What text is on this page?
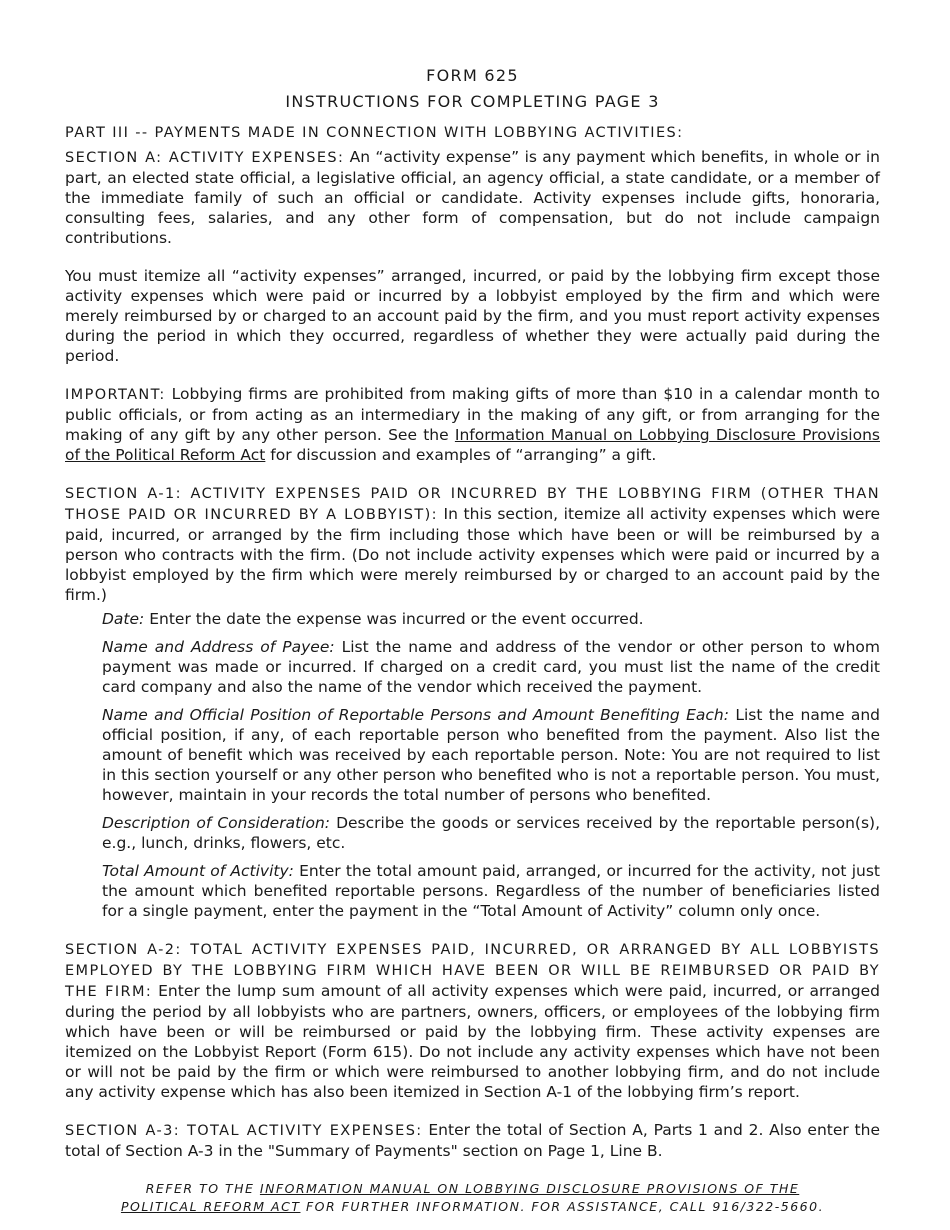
FORM 625
INSTRUCTIONS FOR COMPLETING PAGE 3
PART III -- PAYMENTS MADE IN CONNECTION WITH LOBBYING ACTIVITIES:

SECTION A: ACTIVITY EXPENSES: An “activity expense” is any payment which benefits, in whole or in part, an elected state official, a legislative official, an agency official, a state candidate, or a member of the immediate family of such an official or candidate. Activity expenses include gifts, honoraria, consulting fees, salaries, and any other form of compensation, but do not include campaign contributions.

You must itemize all “activity expenses” arranged, incurred, or paid by the lobbying firm except those activity expenses which were paid or incurred by a lobbyist employed by the firm and which were merely reimbursed by or charged to an account paid by the firm, and you must report activity expenses during the period in which they occurred, regardless of whether they were actually paid during the period.

IMPORTANT: Lobbying firms are prohibited from making gifts of more than $10 in a calendar month to public officials, or from acting as an intermediary in the making of any gift, or from arranging for the making of any gift by any other person. See the Information Manual on Lobbying Disclosure Provisions of the Political Reform Act for discussion and examples of “arranging” a gift.

SECTION A-1: ACTIVITY EXPENSES PAID OR INCURRED BY THE LOBBYING FIRM (OTHER THAN THOSE PAID OR INCURRED BY A LOBBYIST): In this section, itemize all activity expenses which were paid, incurred, or arranged by the firm including those which have been or will be reimbursed by a person who contracts with the firm. (Do not include activity expenses which were paid or incurred by a lobbyist employed by the firm which were merely reimbursed by or charged to an account paid by the firm.)

Date: Enter the date the expense was incurred or the event occurred.

Name and Address of Payee: List the name and address of the vendor or other person to whom payment was made or incurred. If charged on a credit card, you must list the name of the credit card company and also the name of the vendor which received the payment.

Name and Official Position of Reportable Persons and Amount Benefiting Each: List the name and official position, if any, of each reportable person who benefited from the payment. Also list the amount of benefit which was received by each reportable person. Note: You are not required to list in this section yourself or any other person who benefited who is not a reportable person. You must, however, maintain in your records the total number of persons who benefited.

Description of Consideration: Describe the goods or services received by the reportable person(s), e.g., lunch, drinks, flowers, etc.

Total Amount of Activity: Enter the total amount paid, arranged, or incurred for the activity, not just the amount which benefited reportable persons. Regardless of the number of beneficiaries listed for a single payment, enter the payment in the “Total Amount of Activity” column only once.

SECTION A-2: TOTAL ACTIVITY EXPENSES PAID, INCURRED, OR ARRANGED BY ALL LOBBYISTS EMPLOYED BY THE LOBBYING FIRM WHICH HAVE BEEN OR WILL BE REIMBURSED OR PAID BY THE FIRM: Enter the lump sum amount of all activity expenses which were paid, incurred, or arranged during the period by all lobbyists who are partners, owners, officers, or employees of the lobbying firm which have been or will be reimbursed or paid by the lobbying firm. These activity expenses are itemized on the Lobbyist Report (Form 615). Do not include any activity expenses which have not been or will not be paid by the firm or which were reimbursed to another lobbying firm, and do not include any activity expense which has also been itemized in Section A-1 of the lobbying firm’s report.

SECTION A-3: TOTAL ACTIVITY EXPENSES: Enter the total of Section A, Parts 1 and 2. Also enter the total of Section A-3 in the "Summary of Payments" section on Page 1, Line B.

REFER TO THE INFORMATION MANUAL ON LOBBYING DISCLOSURE PROVISIONS OF THE
POLITICAL REFORM ACT FOR FURTHER INFORMATION. FOR ASSISTANCE, CALL 916/322-5660.
